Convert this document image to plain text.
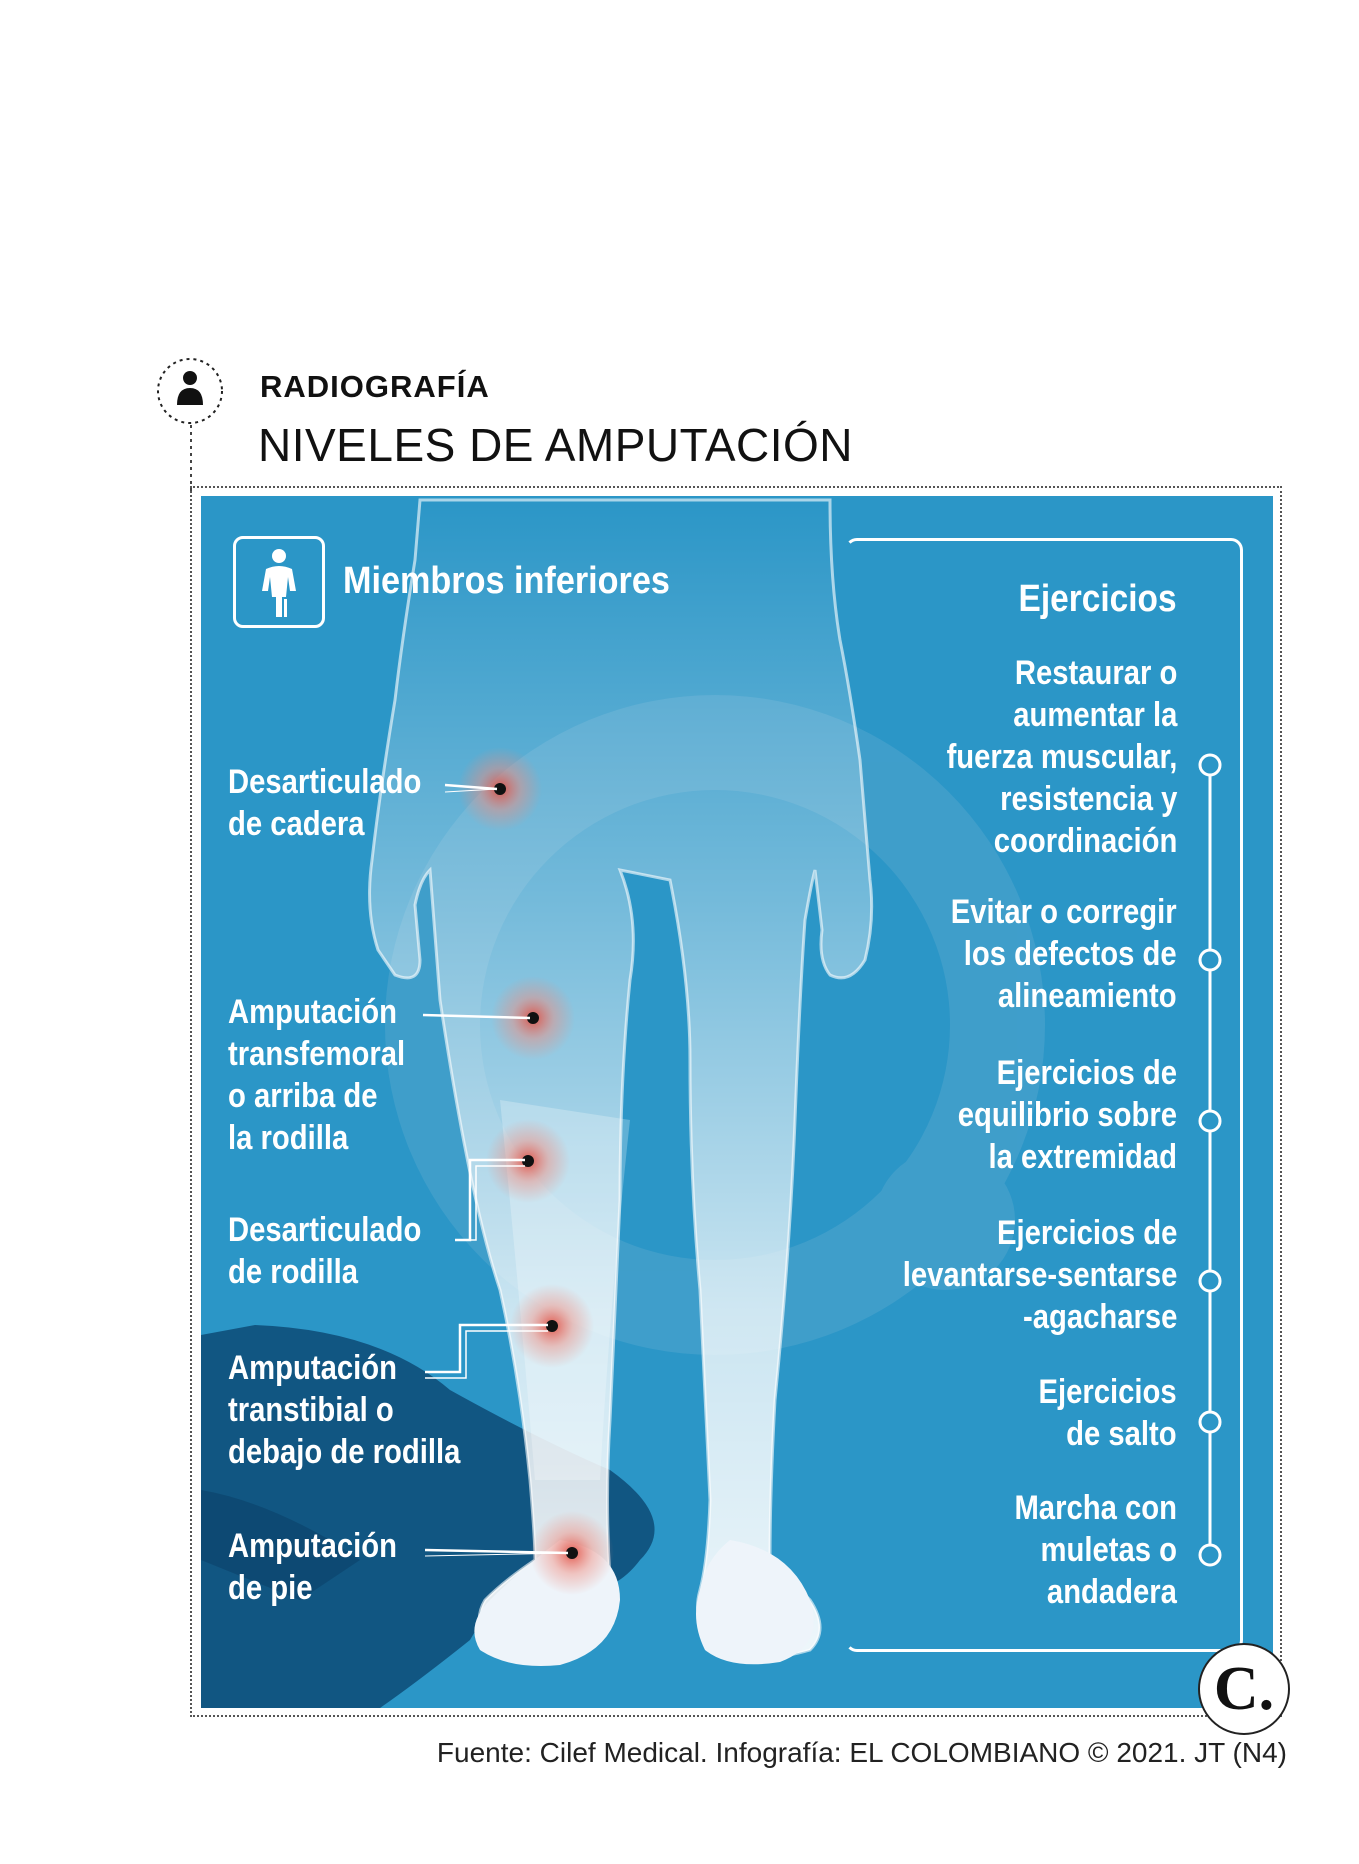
RADIOGRAFÍA
NIVELES DE AMPUTACIÓN
Miembros inferiores
Desarticulado
de cadera
Amputación
transfemoral
o arriba de
la rodilla
Desarticulado
de rodilla
Amputación
transtibial o
debajo de rodilla
Amputación
de pie
Ejercicios
Restaurar o
aumentar la
fuerza muscular,
resistencia y
coordinación
Evitar o corregir
los defectos de
alineamiento
Ejercicios de
equilibrio sobre
la extremidad
Ejercicios de
levantarse-sentarse
-agacharse
Ejercicios
de salto
Marcha con
muletas o
andadera
C.
Fuente: Cilef Medical. Infografía: EL COLOMBIANO © 2021. JT (N4)
